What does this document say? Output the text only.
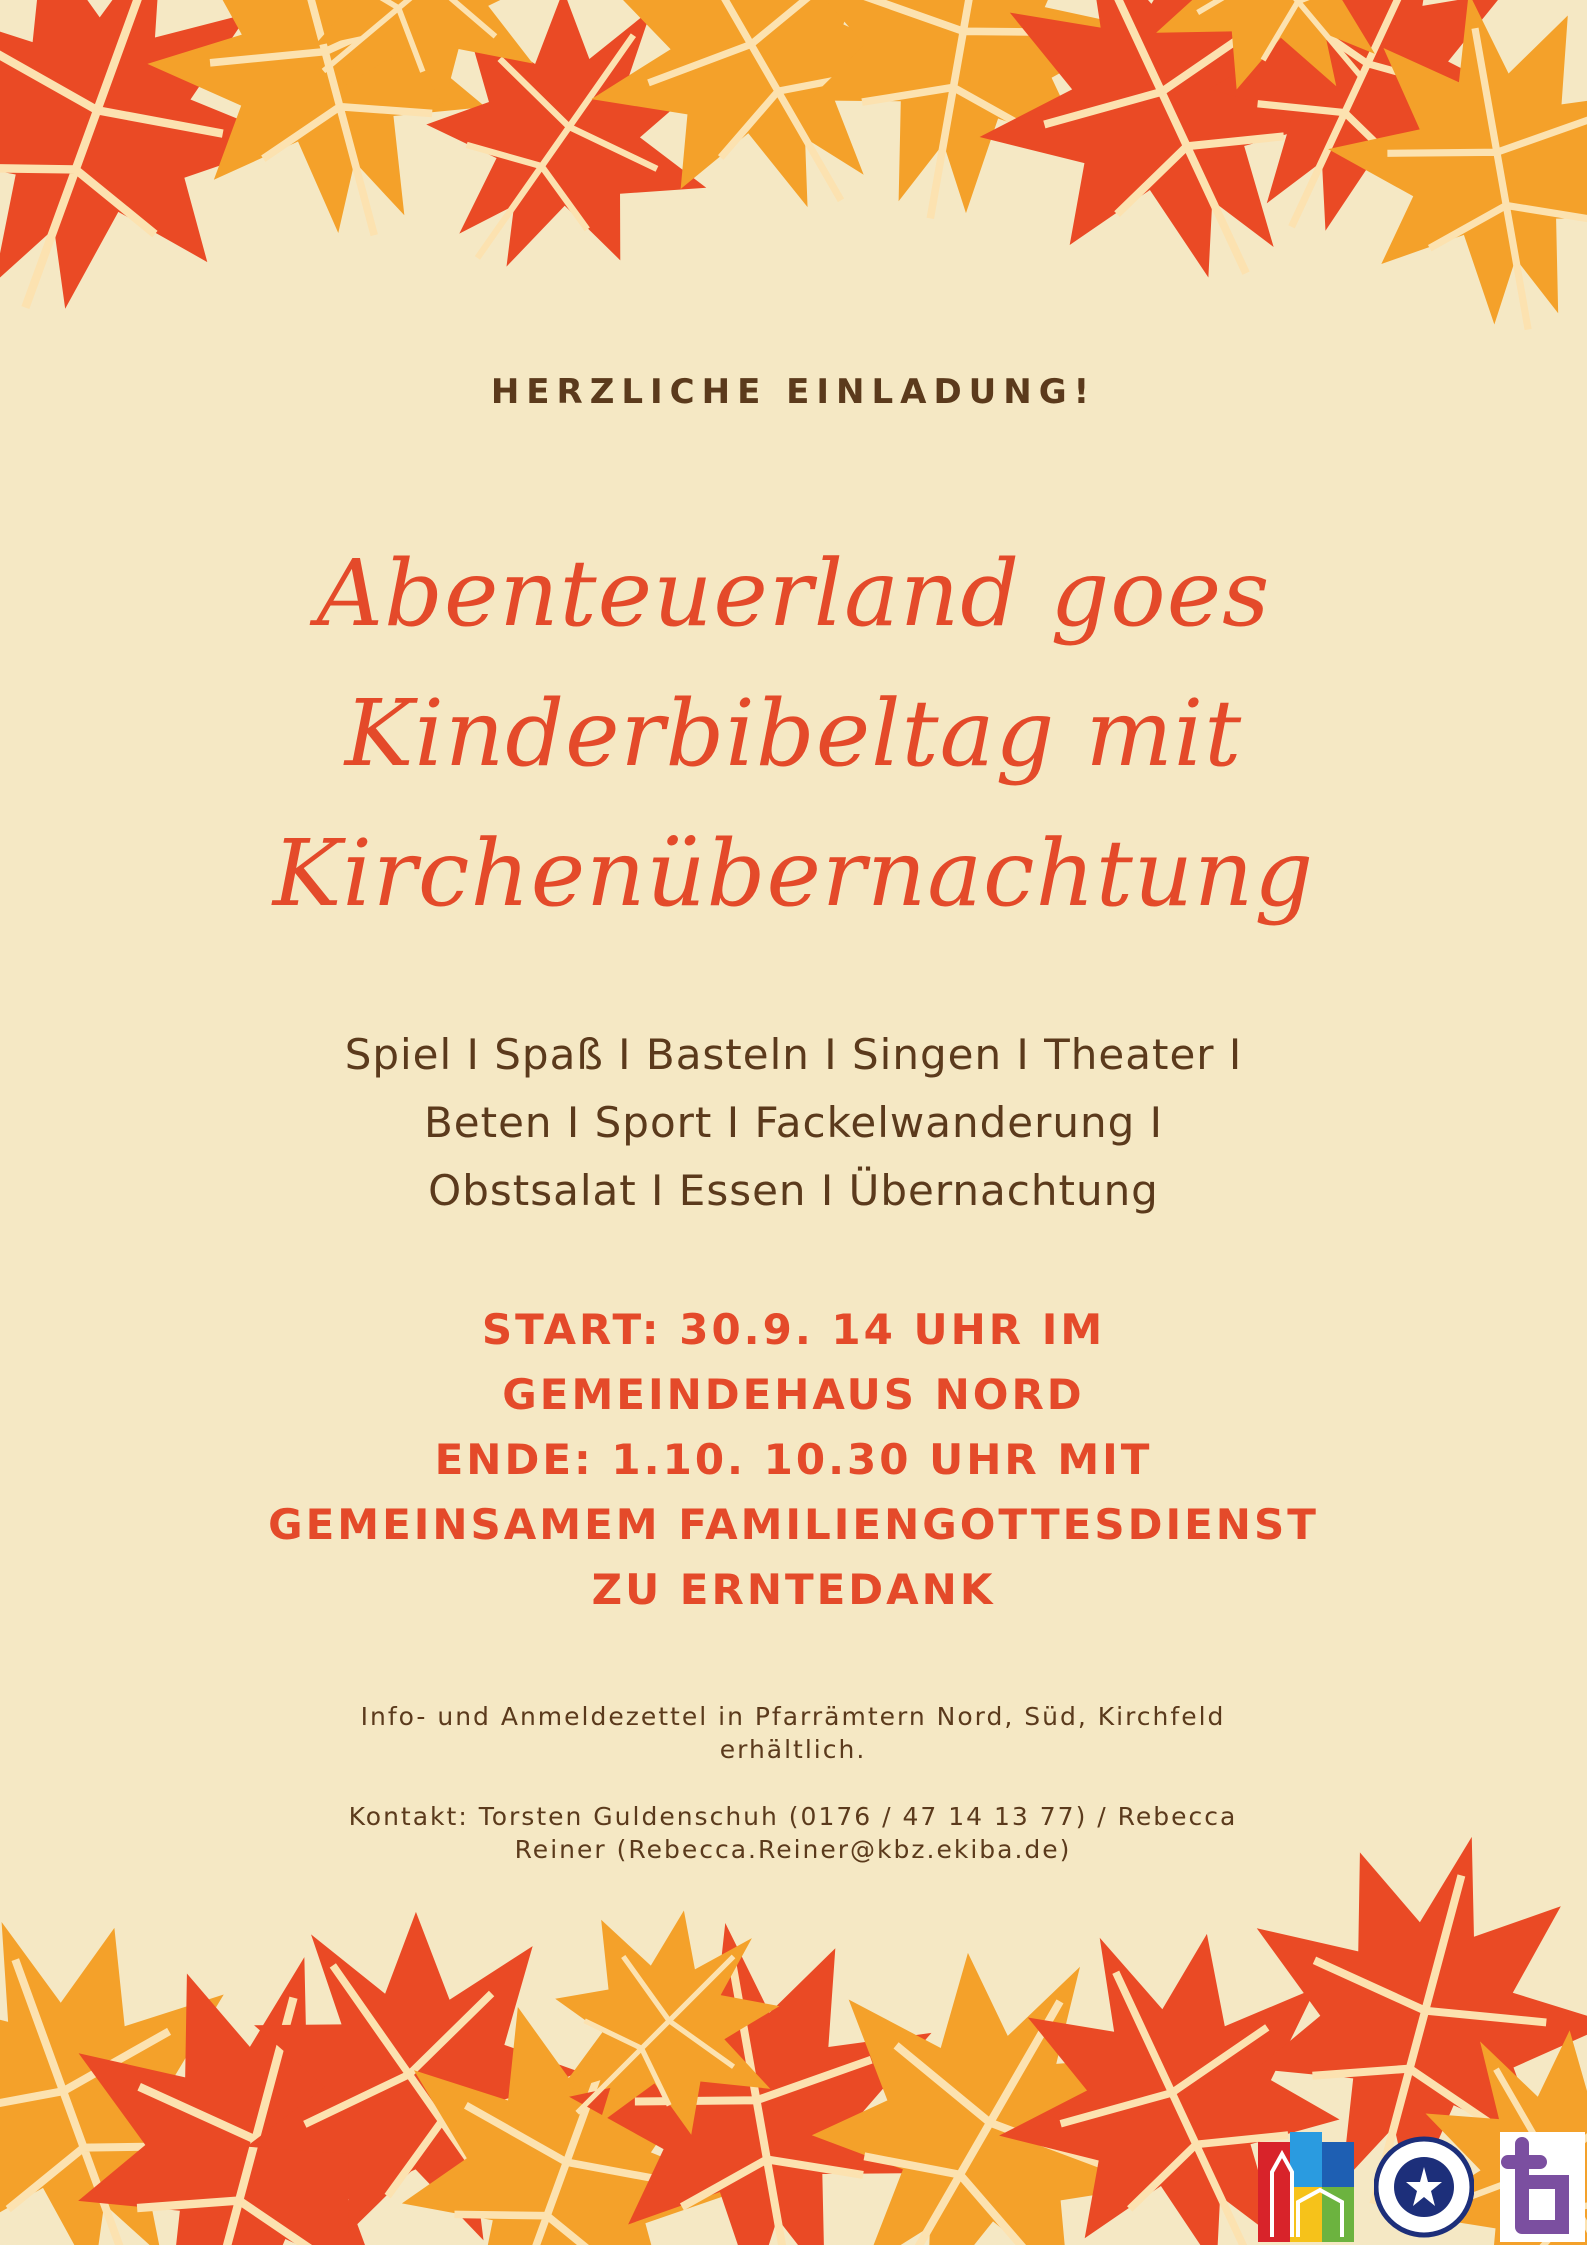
HERZLICHE EINLADUNG!
Abenteuerland goes
Kinderbibeltag mit
Kirchenübernachtung
Spiel I Spaß I Basteln I Singen I Theater I
Beten I Sport I Fackelwanderung I
Obstsalat I Essen I Übernachtung
START: 30.9. 14 UHR IM
GEMEINDEHAUS NORD
ENDE: 1.10. 10.30 UHR MIT
GEMEINSAMEM FAMILIENGOTTESDIENST
ZU ERNTEDANK
Info- und Anmeldezettel in Pfarrämtern Nord, Süd, Kirchfeld erhältlich.
Kontakt: Torsten Guldenschuh (0176 / 47 14 13 77) / Rebecca Reiner (Rebecca.Reiner@kbz.ekiba.de)
